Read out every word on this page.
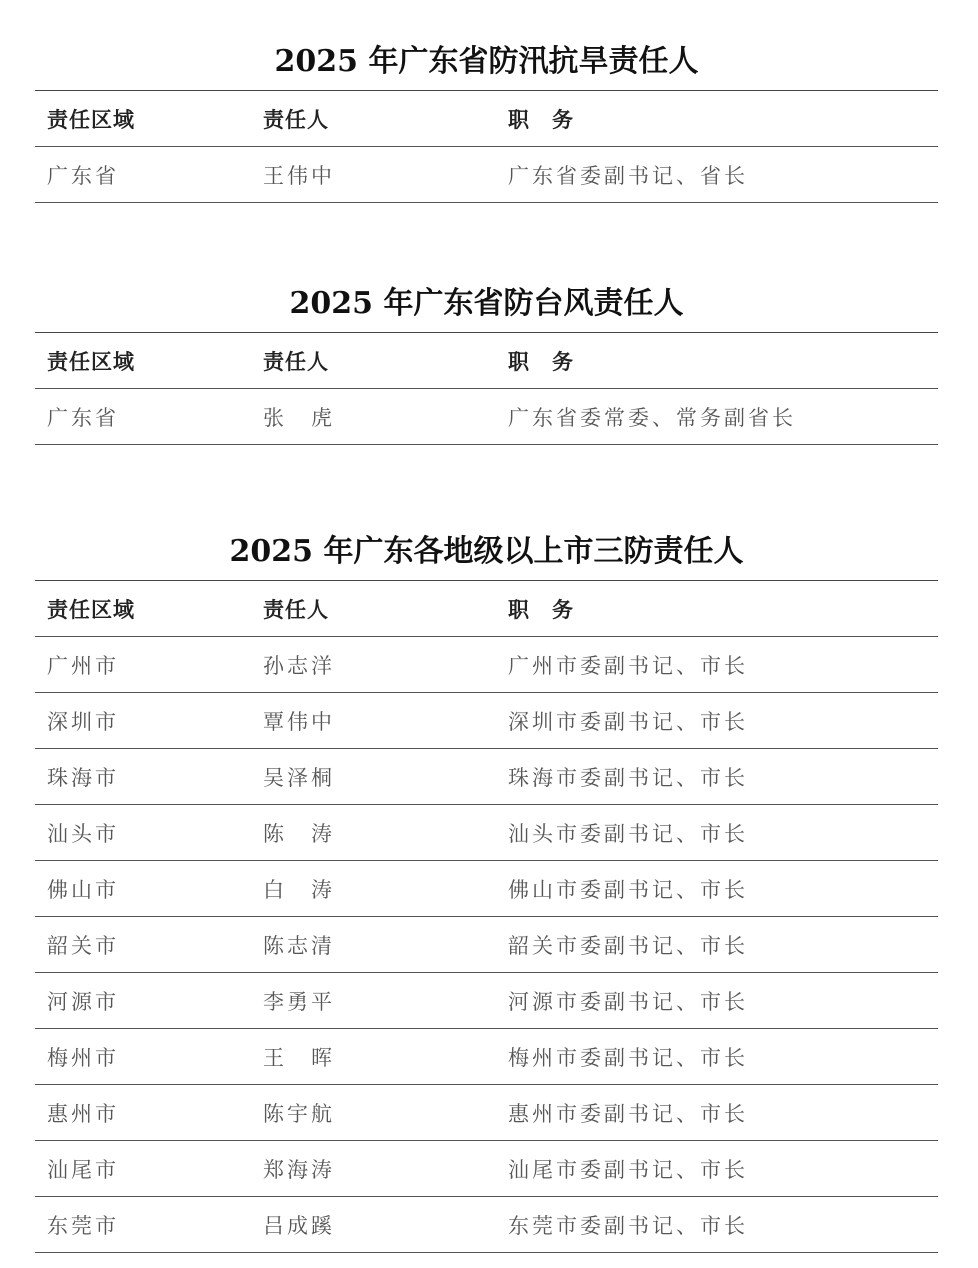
2025 年广东省防汛抗旱责任人
责任区域	责任人	职　务
广东省	王伟中	广东省委副书记、省长
2025 年广东省防台风责任人
责任区域	责任人	职　务
广东省	张　虎	广东省委常委、常务副省长
2025 年广东各地级以上市三防责任人
责任区域	责任人	职　务
广州市	孙志洋	广州市委副书记、市长
深圳市	覃伟中	深圳市委副书记、市长
珠海市	吴泽桐	珠海市委副书记、市长
汕头市	陈　涛	汕头市委副书记、市长
佛山市	白　涛	佛山市委副书记、市长
韶关市	陈志清	韶关市委副书记、市长
河源市	李勇平	河源市委副书记、市长
梅州市	王　晖	梅州市委副书记、市长
惠州市	陈宇航	惠州市委副书记、市长
汕尾市	郑海涛	汕尾市委副书记、市长
东莞市	吕成蹊	东莞市委副书记、市长
